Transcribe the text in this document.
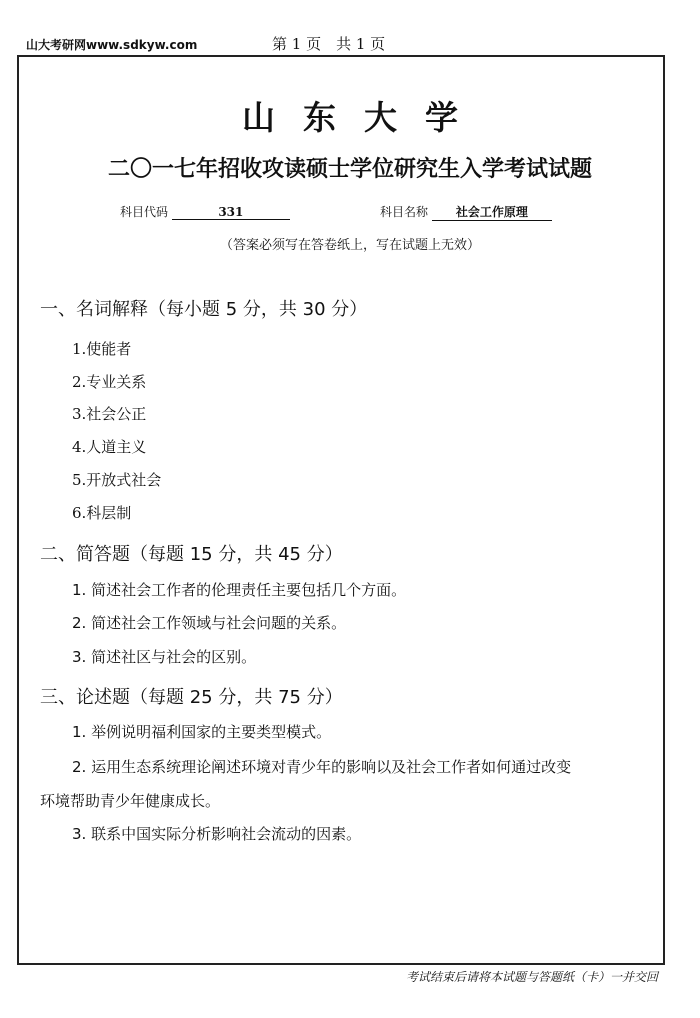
山大考研网www.sdkyw.com	第 1 页　共 1 页
山东大学
二〇一七年招收攻读硕士学位研究生入学考试试题
科目代码	331	科目名称 社会工作原理
（答案必须写在答卷纸上，写在试题上无效）
一、名词解释（每小题 5 分，共 30 分）
1.使能者
2.专业关系
3.社会公正
4.人道主义
5.开放式社会
6.科层制
二、简答题（每题 15 分，共 45 分）
1. 简述社会工作者的伦理责任主要包括几个方面。
2. 简述社会工作领域与社会问题的关系。
3. 简述社区与社会的区别。
三、论述题（每题 25 分，共 75 分）
1. 举例说明福利国家的主要类型模式。
2. 运用生态系统理论阐述环境对青少年的影响以及社会工作者如何通过改变
环境帮助青少年健康成长。
3. 联系中国实际分析影响社会流动的因素。
考试结束后请将本试题与答题纸（卡）一并交回
